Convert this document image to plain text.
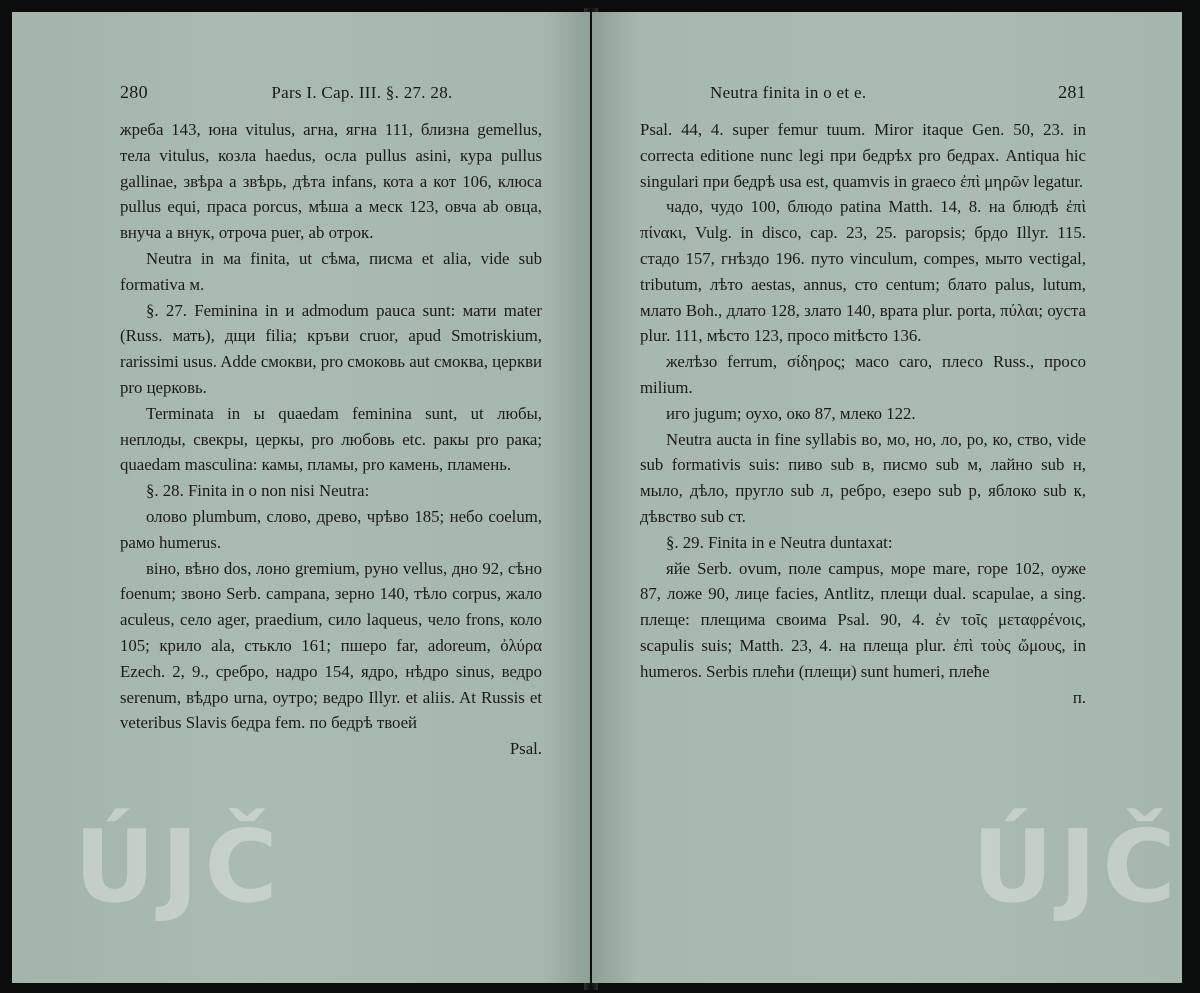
280	Pars I. Cap. III. §. 27. 28.

жреба 143, юна vitulus, агна, ягна 111, близнa gemellus, тела vitulus, козла haedus, осла pullus asini, кура pullus gallinae, звѣра a звѣрь, дѣта infans, кота a кот 106, клюса pullus equi, праса porcus, мѣша a меск 123, овча ab овца, внуча a внук, отроча puer, ab отрок.

Neutra in ма finita, ut сѣма, писма et alia, vide sub formativa м.

§. 27. Feminina in и admodum pauca sunt: мати mater (Russ. мать), дщи filia; кръви cruor, apud Smotriskium, rarissimi usus. Adde смокви, pro смоковь aut смоква, церкви pro церковь.

Terminata in ы quaedam feminina sunt, ut любы, неплоды, свекры, церкы, pro любовь etc. ракы pro рака; quaedam masculina: камы, пламы, pro камень, пламень.

§. 28. Finita in о non nisi Neutra:

олово plumbum, слово, древо, чрѣво 185; небо coelum, рамо humerus.

віно, вѣно dos, лоно gremium, руно vellus, дно 92, сѣно foenum; звоно Serb. campana, зерно 140, тѣло corpus, жало aculeus, село ager, praedium, сило laqueus, чело frons, коло 105; крило ala, стькло 161; пшеро far, adoreum, ὀλύρα Ezech. 2, 9., сребро, надро 154, ядро, нѣдро sinus, ведро serenum, вѣдро urna, оутро; ведро Illyr. et aliis. At Russis et veteribus Slavis бедра fem. по бедрѣ твоей

Psal.

ÚJČ
Neutra finita in о et е.	281

Psal. 44, 4. super femur tuum. Miror itaque Gen. 50, 23. in correcta editione nunc legi при бедрѣх pro бедрах. Antiqua hic singulari при бедрѣ usa est, quamvis in graeco ἐπὶ μηρῶν legatur.

чадо, чудо 100, блюдо patina Matth. 14, 8. на блюдѣ ἐπὶ πίνακι, Vulg. in disco, cap. 23, 25. paropsis; брдо Illyr. 115. стадо 157, гнѣздо 196. путо vinculum, compes, мыто vectigal, tributum, лѣто aestas, annus, сто centum; блато palus, lutum, млато Boh., длато 128, злато 140, врата plur. porta, πύλαι; оуста plur. 111, мѣсто 123, просо mitѣсто 136.

желѣзо ferrum, σίδηρος; масо caro, плесо Russ., просо milium.

иго jugum; оухо, око 87, млеко 122.

Neutra aucta in fine syllabis во, мо, но, ло, ро, ко, ство, vide sub formativis suis: пиво sub в, писмо sub м, лайно sub н, мыло, дѣло, пругло sub л, ребро, езеро sub р, яблоко sub к, дѣвство sub ст.

§. 29. Finita in е Neutra duntaxat:

яйе Serb. ovum, поле campus, море mare, горе 102, оуже 87, ложе 90, лице facies, Antlitz, плещи dual. scapulae, a sing. плеще: плещима своима Psal. 90, 4. ἐν τοῖς μεταφρένοις, scapulis suis; Matth. 23, 4. на плеща plur. ἐπὶ τοὺς ὤμους, in humeros. Serbis плеħи (плещи) sunt humeri, плеħе

п.

ÚJČ
